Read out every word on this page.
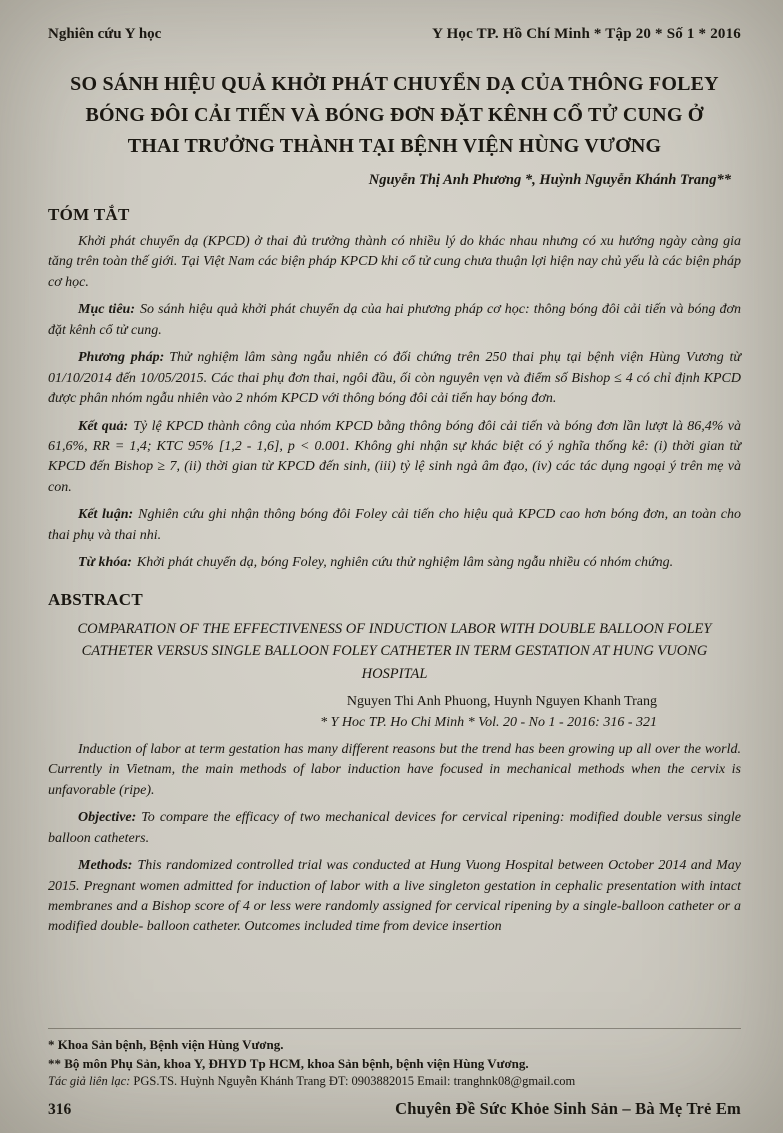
Nghiên cứu Y học	Y Học TP. Hồ Chí Minh * Tập 20 * Số 1 * 2016
SO SÁNH HIỆU QUẢ KHỞI PHÁT CHUYỂN DẠ CỦA THÔNG FOLEY BÓNG ĐÔI CẢI TIẾN VÀ BÓNG ĐƠN ĐẶT KÊNH CỔ TỬ CUNG Ở THAI TRƯỞNG THÀNH TẠI BỆNH VIỆN HÙNG VƯƠNG
Nguyễn Thị Anh Phương *, Huỳnh Nguyễn Khánh Trang**
TÓM TẮT

Khởi phát chuyển dạ (KPCD) ở thai đủ trưởng thành có nhiều lý do khác nhau nhưng có xu hướng ngày càng gia tăng trên toàn thế giới. Tại Việt Nam các biện pháp KPCD khi cổ tử cung chưa thuận lợi hiện nay chủ yếu là các biện pháp cơ học.

Mục tiêu: So sánh hiệu quả khởi phát chuyển dạ của hai phương pháp cơ học: thông bóng đôi cải tiến và bóng đơn đặt kênh cổ tử cung.

Phương pháp: Thử nghiệm lâm sàng ngẫu nhiên có đối chứng trên 250 thai phụ tại bệnh viện Hùng Vương từ 01/10/2014 đến 10/05/2015. Các thai phụ đơn thai, ngôi đầu, ối còn nguyên vẹn và điểm số Bishop ≤ 4 có chỉ định KPCD được phân nhóm ngẫu nhiên vào 2 nhóm KPCD với thông bóng đôi cải tiến hay bóng đơn.

Kết quả: Tỷ lệ KPCD thành công của nhóm KPCD bằng thông bóng đôi cải tiến và bóng đơn lần lượt là 86,4% và 61,6%, RR = 1,4; KTC 95% [1,2 - 1,6], p < 0.001. Không ghi nhận sự khác biệt có ý nghĩa thống kê: (i) thời gian từ KPCD đến Bishop ≥ 7, (ii) thời gian từ KPCD đến sinh, (iii) tỷ lệ sinh ngả âm đạo, (iv) các tác dụng ngoại ý trên mẹ và con.

Kết luận: Nghiên cứu ghi nhận thông bóng đôi Foley cải tiến cho hiệu quả KPCD cao hơn bóng đơn, an toàn cho thai phụ và thai nhi.

Từ khóa: Khởi phát chuyển dạ, bóng Foley, nghiên cứu thử nghiệm lâm sàng ngẫu nhiều có nhóm chứng.

ABSTRACT
COMPARATION OF THE EFFECTIVENESS OF INDUCTION LABOR WITH DOUBLE BALLOON FOLEY CATHETER VERSUS SINGLE BALLOON FOLEY CATHETER IN TERM GESTATION AT HUNG VUONG HOSPITAL
Nguyen Thi Anh Phuong, Huynh Nguyen Khanh Trang
* Y Hoc TP. Ho Chi Minh * Vol. 20 - No 1 - 2016: 316 - 321

Induction of labor at term gestation has many different reasons but the trend has been growing up all over the world. Currently in Vietnam, the main methods of labor induction have focused in mechanical methods when the cervix is unfavorable (ripe).

Objective: To compare the efficacy of two mechanical devices for cervical ripening: modified double versus single balloon catheters.

Methods: This randomized controlled trial was conducted at Hung Vuong Hospital between October 2014 and May 2015. Pregnant women admitted for induction of labor with a live singleton gestation in cephalic presentation with intact membranes and a Bishop score of 4 or less were randomly assigned for cervical ripening by a single-balloon catheter or a modified double- balloon catheter. Outcomes included time from device insertion

* Khoa Sản bệnh, Bệnh viện Hùng Vương.
** Bộ môn Phụ Sản, khoa Y, ĐHYD Tp HCM, khoa Sản bệnh, bệnh viện Hùng Vương.
Tác giả liên lạc: PGS.TS. Huỳnh Nguyễn Khánh Trang ĐT: 0903882015 Email: tranghnk08@gmail.com
316	Chuyên Đề Sức Khỏe Sinh Sản – Bà Mẹ Trẻ Em
